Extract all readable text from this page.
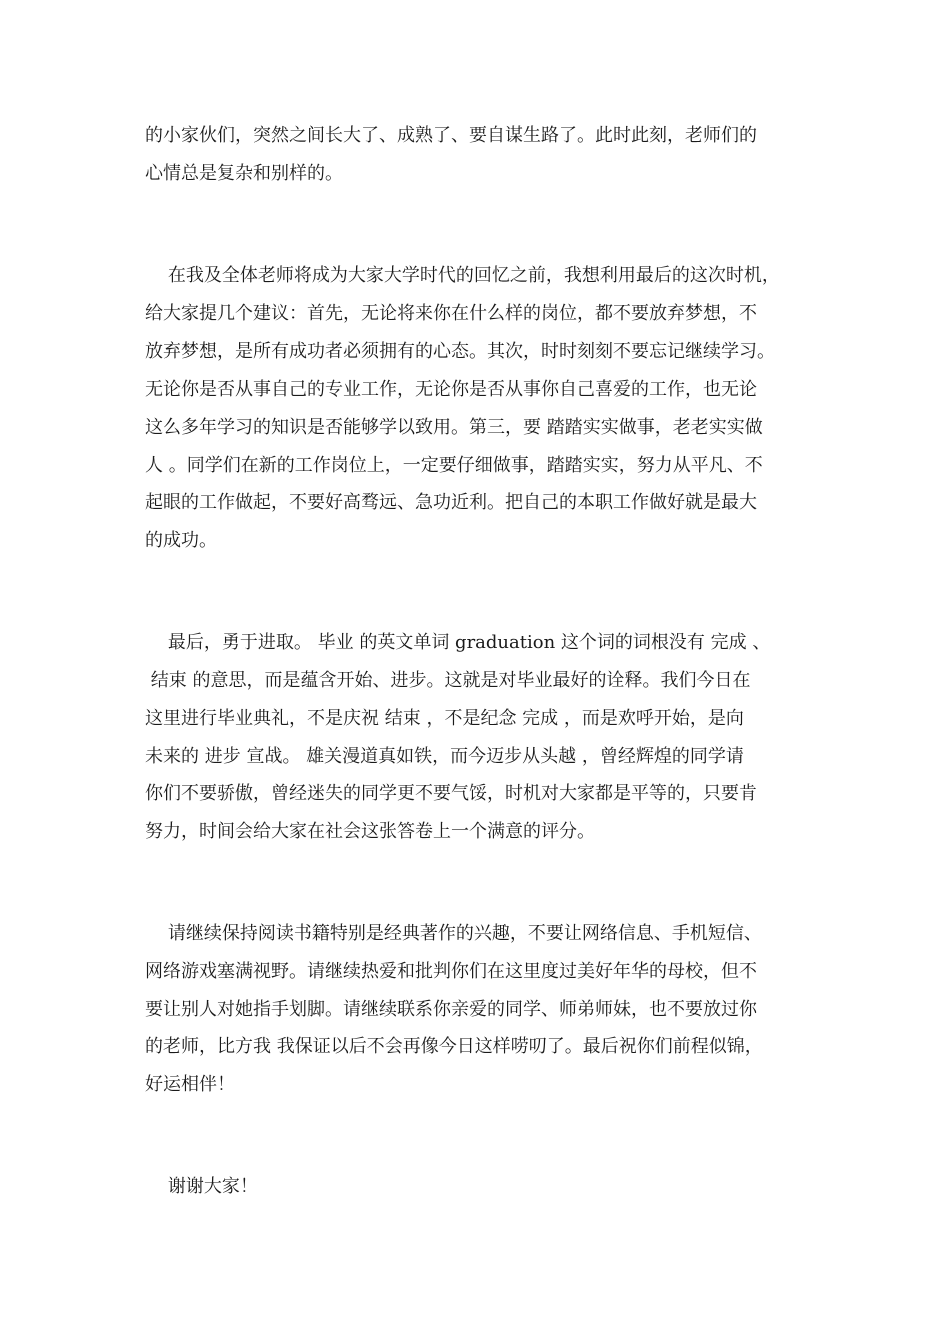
的小家伙们，突然之间长大了、成熟了、要自谋生路了。此时此刻，老师们的

心情总是复杂和别样的。

在我及全体老师将成为大家大学时代的回忆之前，我想利用最后的这次时机，

给大家提几个建议：首先，无论将来你在什么样的岗位，都不要放弃梦想，不

放弃梦想，是所有成功者必须拥有的心态。其次，时时刻刻不要忘记继续学习。

无论你是否从事自己的专业工作，无论你是否从事你自己喜爱的工作，也无论

这么多年学习的知识是否能够学以致用。第三，要 踏踏实实做事，老老实实做

人 。同学们在新的工作岗位上，一定要仔细做事，踏踏实实，努力从平凡、不

起眼的工作做起，不要好高骛远、急功近利。把自己的本职工作做好就是最大

的成功。

最后，勇于进取。 毕业 的英文单词 graduation 这个词的词根没有 完成 、

结束 的意思，而是蕴含开始、进步。这就是对毕业最好的诠释。我们今日在

这里进行毕业典礼，不是庆祝 结束 ，不是纪念 完成 ，而是欢呼开始，是向

未来的 进步 宣战。 雄关漫道真如铁，而今迈步从头越 ，曾经辉煌的同学请

你们不要骄傲，曾经迷失的同学更不要气馁，时机对大家都是平等的，只要肯

努力，时间会给大家在社会这张答卷上一个满意的评分。

请继续保持阅读书籍特别是经典著作的兴趣，不要让网络信息、手机短信、

网络游戏塞满视野。请继续热爱和批判你们在这里度过美好年华的母校，但不

要让别人对她指手划脚。请继续联系你亲爱的同学、师弟师妹，也不要放过你

的老师，比方我 我保证以后不会再像今日这样唠叨了。最后祝你们前程似锦，

好运相伴！

谢谢大家！
